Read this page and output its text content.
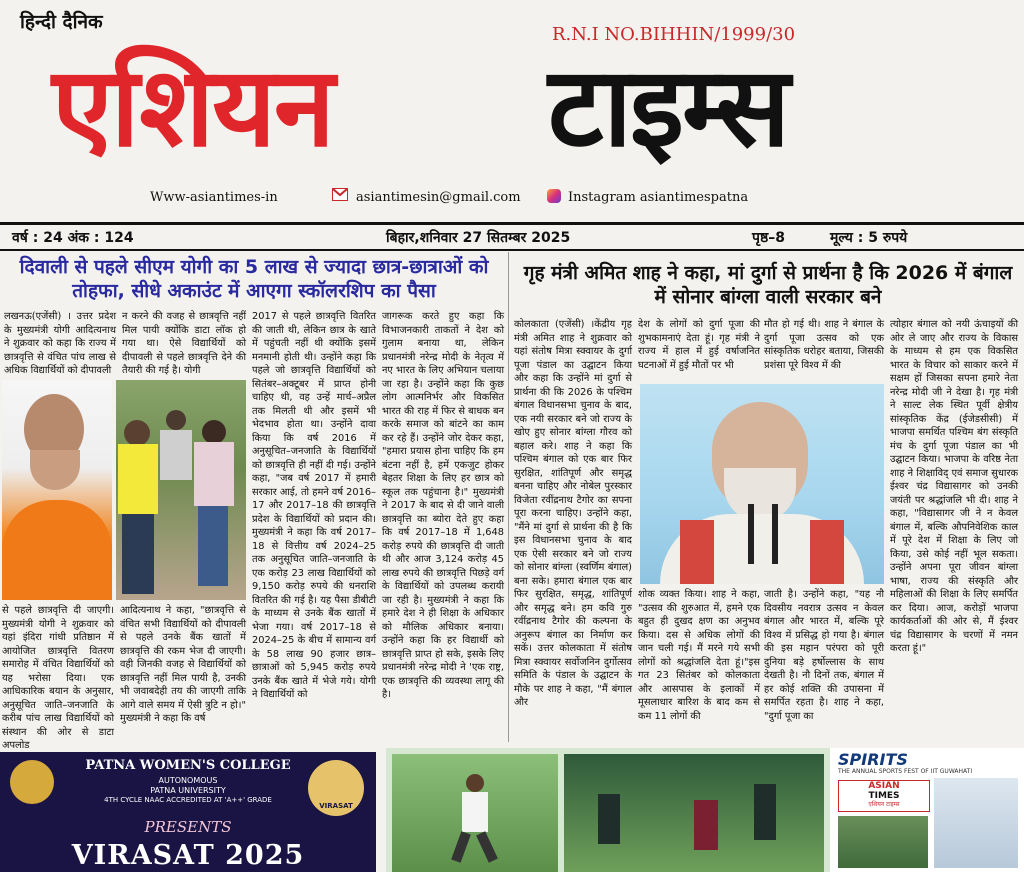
हिन्दी दैनिक
R.N.I NO.BIHHIN/1999/30
एशियन टाइम्स
Www-asiantimes-in	asiantimesin@gmail.com	Instagram asiantimespatna
वर्ष : 24 अंक : 124	बिहार,शनिवार 27 सितम्बर 2025	पृष्ठ–8	मूल्य : 5 रुपये
दिवाली से पहले सीएम योगी का 5 लाख से ज्यादा छात्र-छात्राओं को तोहफा, सीधे अकाउंट में आएगा स्कॉलरशिप का पैसा
लखनऊ(एजेंसी) । उत्तर प्रदेश के मुख्यमंत्री योगी आदित्यनाथ ने शुक्रवार को कहा कि राज्य में छात्रवृत्ति से वंचित पांच लाख से अधिक विद्यार्थियों को दीपावली
न करने की वजह से छात्रवृत्ति नहीं मिल पायी क्योंकि डाटा लॉक हो गया था। ऐसे विद्यार्थियों को दीपावली से पहले छात्रवृत्ति देने की तैयारी की गई है। योगी
से पहले छात्रवृत्ति दी जाएगी। मुख्यमंत्री योगी ने शुक्रवार को यहां इंदिरा गांधी प्रतिष्ठान में आयोजित छात्रवृत्ति वितरण समारोह में वंचित विद्यार्थियों को यह भरोसा दिया। एक आधिकारिक बयान के अनुसार, अनुसूचित जाति–जनजाति के करीब पांच लाख विद्यार्थियों को संस्थान की ओर से डाटा अपलोड
आदित्यनाथ ने कहा, "छात्रवृत्ति से वंचित सभी विद्यार्थियों को दीपावली से पहले उनके बैंक खातों में छात्रवृत्ति की रकम भेज दी जाएगी। वही जिनकी वजह से विद्यार्थियों को छात्रवृत्ति नहीं मिल पायी है, उनकी भी जवाबदेही तय की जाएगी ताकि आगे वाले समय में ऐसी त्रुटि न हो।" मुख्यमंत्री ने कहा कि वर्ष
2017 से पहले छात्रवृत्ति वितरित की जाती थी, लेकिन छात्र के खाते में पहुंचती नहीं थी क्योंकि इसमें मनमानी होती थी। उन्होंने कहा कि पहले जो छात्रवृत्ति विद्यार्थियों को सितंबर–अक्टूबर में प्राप्त होनी चाहिए थी, वह उन्हें मार्च–अप्रैल तक मिलती थी और इसमें भी भेदभाव होता था। उन्होंने दावा किया कि वर्ष 2016 में अनुसूचित–जनजाति के विद्यार्थियों को छात्रवृत्ति ही नहीं दी गई। उन्होंने कहा, "जब वर्ष 2017 में हमारी सरकार आई, तो हमने वर्ष 2016–17 और 2017–18 की छात्रवृत्ति प्रदेश के विद्यार्थियों को प्रदान की। मुख्यमंत्री ने कहा कि वर्ष 2017–18 से वित्तीय वर्ष 2024–25 तक अनुसूचित जाति–जनजाति के एक करोड़ 23 लाख विद्यार्थियों को 9,150 करोड़ रुपये की धनराशि वितरित की गई है। यह पैसा डीबीटी के माध्यम से उनके बैंक खातों में भेजा गया। वर्ष 2017–18 से 2024–25 के बीच में सामान्य वर्ग के 58 लाख 90 हजार छात्र–छात्राओं को 5,945 करोड़ रुपये उनके बैंक खाते में भेजे गये। योगी ने विद्यार्थियों को
जागरूक करते हुए कहा कि विभाजनकारी ताकतों ने देश को गुलाम बनाया था, लेकिन प्रधानमंत्री नरेन्द्र मोदी के नेतृत्व में नए भारत के लिए अभियान चलाया जा रहा है। उन्होंने कहा कि कुछ लोग आत्मनिर्भर और विकसित भारत की राह में फिर से बाधक बन करके समाज को बांटने का काम कर रहे हैं। उन्होंने जोर देकर कहा, "हमारा प्रयास होना चाहिए कि हम बंटना नहीं है, हमें एकजुट होकर बेहतर शिक्षा के लिए हर छात्र को स्कूल तक पहुंचाना है।" मुख्यमंत्री ने 2017 के बाद से दी जाने वाली छात्रवृत्ति का ब्योरा देते हुए कहा कि वर्ष 2017–18 में 1,648 करोड़ रुपये की छात्रवृत्ति दी जाती थी और आज 3,124 करोड़ 45 लाख रुपये की छात्रवृत्ति पिछड़े वर्ग के विद्यार्थियों को उपलब्ध करायी जा रही है। मुख्यमंत्री ने कहा कि हमारे देश ने ही शिक्षा के अधिकार को मौलिक अधिकार बनाया। उन्होंने कहा कि हर विद्यार्थी को छात्रवृत्ति प्राप्त हो सके, इसके लिए प्रधानमंत्री नरेन्द्र मोदी ने 'एक राष्ट्र, एक छात्रवृत्ति की व्यवस्था लागू की है।
गृह मंत्री अमित शाह ने कहा, मां दुर्गा से प्रार्थना है कि 2026 में बंगाल में सोनार बांग्ला वाली सरकार बने
कोलकाता (एजेंसी) ।केंद्रीय गृह मंत्री अमित शाह ने शुक्रवार को यहां संतोष मित्रा स्क्वायर के दुर्गा पूजा पंडाल का उद्घाटन किया और कहा कि उन्होंने मां दुर्गा से प्रार्थना की कि 2026 के पश्चिम बंगाल विधानसभा चुनाव के बाद, एक नयी सरकार बने जो राज्य के खोए हुए सोनार बांग्ला गौरव को बहाल करे। शाह ने कहा कि पश्चिम बंगाल को एक बार फिर सुरक्षित, शांतिपूर्ण और समृद्ध बनना चाहिए और नोबेल पुरस्कार विजेता रवींद्रनाथ टैगोर का सपना पूरा करना चाहिए। उन्होंने कहा, "मैंने मां दुर्गा से प्रार्थना की है कि इस विधानसभा चुनाव के बाद एक ऐसी सरकार बने जो राज्य को सोनार बांग्ला (स्वर्णिम बंगाल) बना सके। हमारा बंगाल एक बार फिर सुरक्षित, समृद्ध, शांतिपूर्ण और समृद्ध बने। हम कवि गुरु रवींद्रनाथ टैगोर की कल्पना के अनुरूप बंगाल का निर्माण कर सकें। उत्तर कोलकाता में संतोष मित्रा स्क्वायर सर्वोजनिन दुर्गोत्सव समिति के पंडाल के उद्घाटन के मौके पर शाह ने कहा, "मैं बंगाल और
देश के लोगों को दुर्गा पूजा की शुभकामनाएं देता हूं। गृह मंत्री ने राज्य में हाल में हुई वर्षाजनित घटनाओं में हुई मौतों पर भी
मौत हो गई थी। शाह ने बंगाल के दुर्गा पूजा उत्सव को एक सांस्कृतिक धरोहर बताया, जिसकी प्रशंसा पूरे विश्व में की
शोक व्यक्त किया। शाह ने कहा, "उत्सव की शुरुआत में, हमने एक बहुत ही दुखद क्षण का अनुभव किया। दस से अधिक लोगों की जान चली गई। मैं मरने गये सभी लोगों को श्रद्धांजलि देता हूं।"इस गत 23 सितंबर को कोलकाता और आसपास के इलाकों में मूसलाधार बारिश के बाद कम से कम 11 लोगों की
जाती है। उन्होंने कहा, "यह नौ दिवसीय नवरात्र उत्सव न केवल बंगाल और भारत में, बल्कि पूरे विश्व में प्रसिद्ध हो गया है। बंगाल की इस महान परंपरा को पूरी दुनिया बड़े हर्षोल्लास के साथ देखती है। नौ दिनों तक, बंगाल में हर कोई शक्ति की उपासना में समर्पित रहता है। शाह ने कहा, "दुर्गा पूजा का
त्योहार बंगाल को नयी ऊंचाइयों की ओर ले जाए और राज्य के विकास के माध्यम से हम एक विकसित भारत के विचार को साकार करने में सक्षम हों जिसका सपना हमारे नेता नरेन्द्र मोदी जी ने देखा है। गृह मंत्री ने साल्ट लेक स्थित पूर्वी क्षेत्रीय सांस्कृतिक केंद्र (ईजेडसीसी) में भाजपा समर्थित पश्चिम बंग संस्कृति मंच के दुर्गा पूजा पंडाल का भी उद्घाटन किया। भाजपा के वरिष्ठ नेता शाह ने शिक्षाविद् एवं समाज सुधारक ईश्वर चंद्र विद्यासागर को उनकी जयंती पर श्रद्धांजलि भी दी। शाह ने कहा, "विद्यासागर जी ने न केवल बंगाल में, बल्कि औपनिवेशिक काल में पूरे देश में शिक्षा के लिए जो किया, उसे कोई नहीं भूल सकता। उन्होंने अपना पूरा जीवन बांग्ला भाषा, राज्य की संस्कृति और महिलाओं की शिक्षा के लिए समर्पित कर दिया। आज, करोड़ों भाजपा कार्यकर्ताओं की ओर से, मैं ईश्वर चंद्र विद्यासागर के चरणों में नमन करता हूं।"
PATNA WOMEN'S COLLEGE
AUTONOMOUS
PATNA UNIVERSITY
4TH CYCLE NAAC ACCREDITED AT 'A++' GRADE
VIRASAT
PRESENTS
VIRASAT 2025
SPIRITS
THE ANNUAL SPORTS FEST OF IIT GUWAHATI
ASIAN
TIMES
एशियन टाइम्स
